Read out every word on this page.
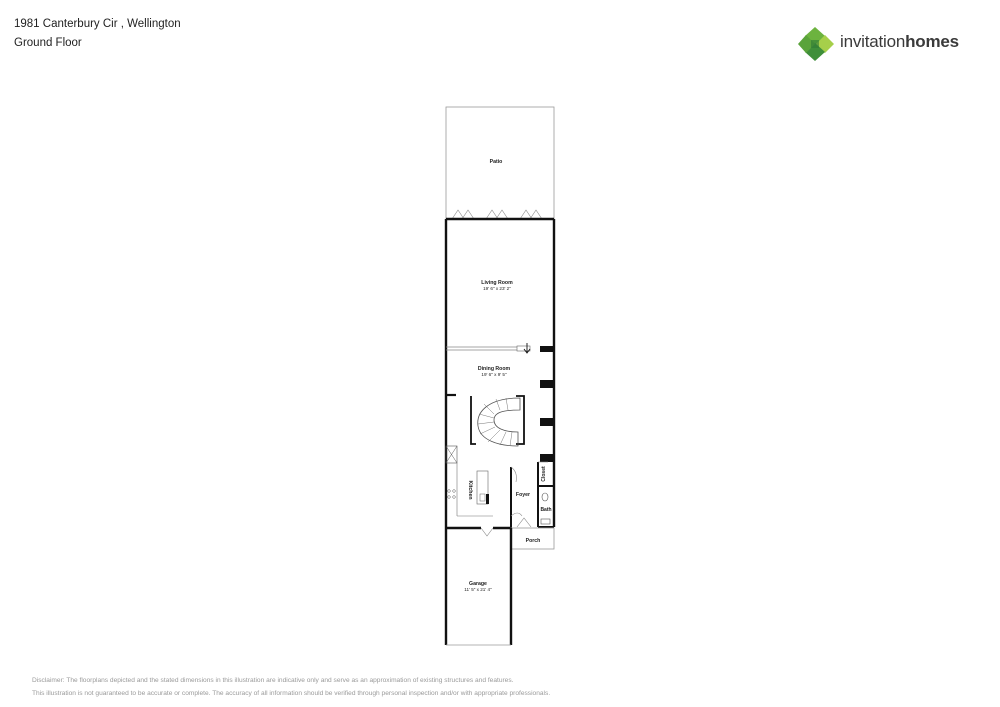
1981 Canterbury Cir , Wellington
Ground Floor	invitationhomes
Patio
Living Room
19' 6" x 23' 2"
Dining Room
19' 6" x 9' 5"
Kitchen	Foyer
Closet
Bath
Porch
Garage
11' 5" x 21' 4"
Disclaimer: The floorplans depicted and the stated dimensions in this illustration are indicative only and serve as an approximation of existing structures and features.
This illustration is not guaranteed to be accurate or complete. The accuracy of all information should be verified through personal inspection and/or with appropriate professionals.
